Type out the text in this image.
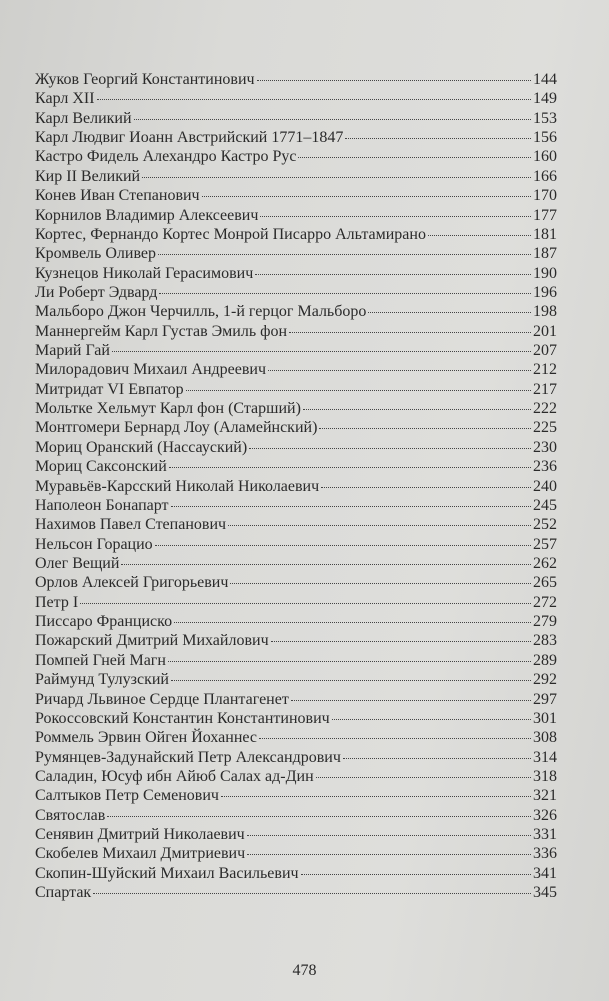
Жуков Георгий Константинович	144
Карл XII	149
Карл Великий	153
Карл Людвиг Иоанн Австрийский 1771–1847	156
Кастро Фидель Алехандро Кастро Рус	160
Кир II Великий	166
Конев Иван Степанович	170
Корнилов Владимир Алексеевич	177
Кортес, Фернандо Кортес Монрой Писарро Альтамирано	181
Кромвель Оливер	187
Кузнецов Николай Герасимович	190
Ли Роберт Эдвард	196
Мальборо Джон Черчилль, 1-й герцог Мальборо	198
Маннергейм Карл Густав Эмиль фон	201
Марий Гай	207
Милорадович Михаил Андреевич	212
Митридат VI Евпатор	217
Мольтке Хельмут Карл фон (Старший)	222
Монтгомери Бернард Лоу (Аламейнский)	225
Мориц Оранский (Нассауский)	230
Мориц Саксонский	236
Муравьёв-Карсский Николай Николаевич	240
Наполеон Бонапарт	245
Нахимов Павел Степанович	252
Нельсон Горацио	257
Олег Вещий	262
Орлов Алексей Григорьевич	265
Петр I	272
Писсаро Франциско	279
Пожарский Дмитрий Михайлович	283
Помпей Гней Магн	289
Раймунд Тулузский	292
Ричард Львиное Сердце Плантагенет	297
Рокоссовский Константин Константинович	301
Роммель Эрвин Ойген Йоханнес	308
Румянцев-Задунайский Петр Александрович	314
Саладин, Юсуф ибн Айюб Салах ад-Дин	318
Салтыков Петр Семенович	321
Святослав	326
Сенявин Дмитрий Николаевич	331
Скобелев Михаил Дмитриевич	336
Скопин-Шуйский Михаил Васильевич	341
Спартак	345
478
